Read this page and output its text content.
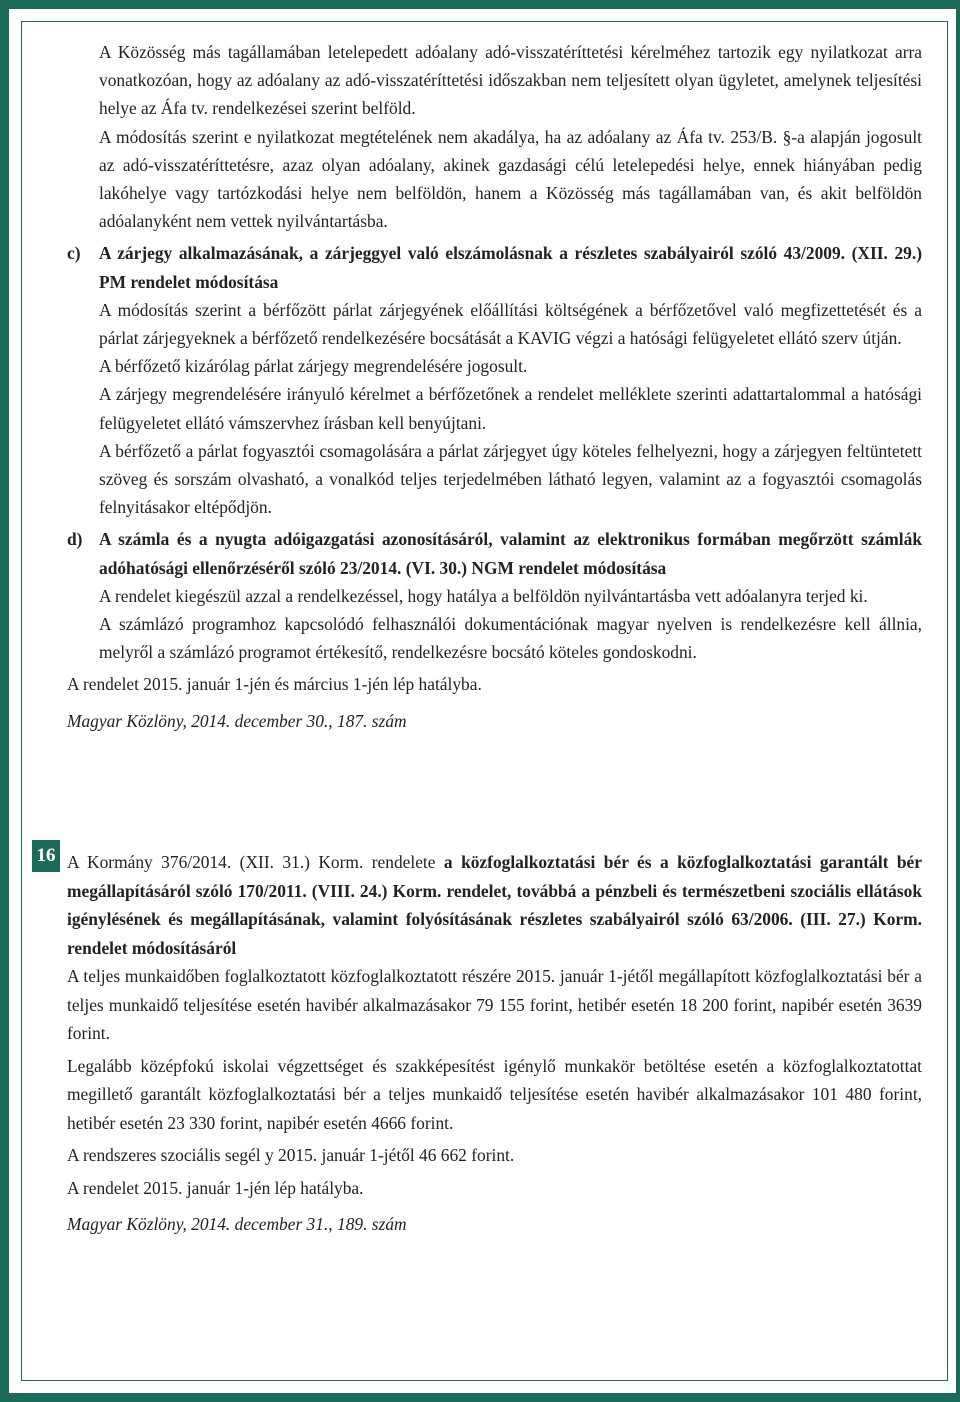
A Közösség más tagállamában letelepedett adóalany adó-visszatéríttetési kérelméhez tartozik egy nyilatkozat arra vonatkozóan, hogy az adóalany az adó-visszatéríttetési időszakban nem teljesített olyan ügyletet, amelynek teljesítési helye az Áfa tv. rendelkezései szerint belföld.

A módosítás szerint e nyilatkozat megtételének nem akadálya, ha az adóalany az Áfa tv. 253/B. §-a alapján jogosult az adó-visszatéríttetésre, azaz olyan adóalany, akinek gazdasági célú letelepedési helye, ennek hiányában pedig lakóhelye vagy tartózkodási helye nem belföldön, hanem a Közösség más tagállamában van, és akit belföldön adóalanyként nem vettek nyilvántartásba.

c) A zárjegy alkalmazásának, a zárjeggyel való elszámolásnak a részletes szabályairól szóló 43/2009. (XII. 29.) PM rendelet módosítása

A módosítás szerint a bérfőzött párlat zárjegyének előállítási költségének a bérfőzetővel való megfizettetését és a párlat zárjegyeknek a bérfőzető rendelkezésére bocsátását a KAVIG végzi a hatósági felügyeletet ellátó szerv útján.

A bérfőzető kizárólag párlat zárjegy megrendelésére jogosult.

A zárjegy megrendelésére irányuló kérelmet a bérfőzetőnek a rendelet melléklete szerinti adattartalommal a hatósági felügyeletet ellátó vámszervhez írásban kell benyújtani.

A bérfőzető a párlat fogyasztói csomagolására a párlat zárjegyet úgy köteles felhelyezni, hogy a zárjegyen feltüntetett szöveg és sorszám olvasható, a vonalkód teljes terjedelmében látható legyen, valamint az a fogyasztói csomagolás felnyitásakor eltépődjön.

d) A számla és a nyugta adóigazgatási azonosításáról, valamint az elektronikus formában megőrzött számlák adóhatósági ellenőrzéséről szóló 23/2014. (VI. 30.) NGM rendelet módosítása

A rendelet kiegészül azzal a rendelkezéssel, hogy hatálya a belföldön nyilvántartásba vett adóalanyra terjed ki.

A számlázó programhoz kapcsolódó felhasználói dokumentációnak magyar nyelven is rendelkezésre kell állnia, melyről a számlázó programot értékesítő, rendelkezésre bocsátó köteles gondoskodni.

A rendelet 2015. január 1-jén és március 1-jén lép hatályba.

Magyar Közlöny, 2014. december 30., 187. szám

16 A Kormány 376/2014. (XII. 31.) Korm. rendelete a közfoglalkoztatási bér és a közfoglalkoztatási garantált bér megállapításáról szóló 170/2011. (VIII. 24.) Korm. rendelet, továbbá a pénzbeli és természetbeni szociális ellátások igénylésének és megállapításának, valamint folyósításának részletes szabályairól szóló 63/2006. (III. 27.) Korm. rendelet módosításáról

A teljes munkaidőben foglalkoztatott közfoglalkoztatott részére 2015. január 1-jétől megállapított közfoglalkoztatási bér a teljes munkaidő teljesítése esetén havibér alkalmazásakor 79 155 forint, hetibér esetén 18 200 forint, napibér esetén 3639 forint.

Legalább középfokú iskolai végzettséget és szakképesítést igénylő munkakör betöltése esetén a közfoglalkoztatottat megillető garantált közfoglalkoztatási bér a teljes munkaidő teljesítése esetén havibér alkalmazásakor 101 480 forint, hetibér esetén 23 330 forint, napibér esetén 4666 forint.

A rendszeres szociális segél y 2015. január 1-jétől 46 662 forint.

A rendelet 2015. január 1-jén lép hatályba.

Magyar Közlöny, 2014. december 31., 189. szám
